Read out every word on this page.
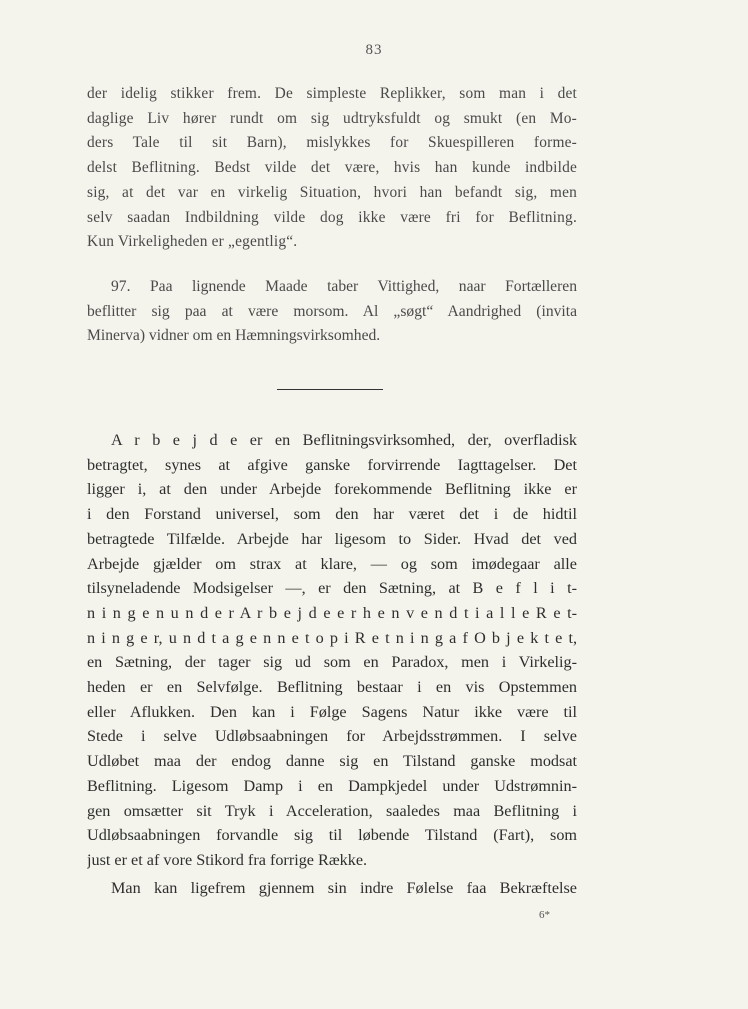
83
der idelig stikker frem. De simpleste Replikker, som man i det
daglige Liv hører rundt om sig udtryksfuldt og smukt (en Mo-
ders Tale til sit Barn), mislykkes for Skuespilleren forme-
delst Beflitning. Bedst vilde det være, hvis han kunde indbilde
sig, at det var en virkelig Situation, hvori han befandt sig, men
selv saadan Indbildning vilde dog ikke være fri for Beflitning.
Kun Virkeligheden er „egentlig“.
97. Paa lignende Maade taber Vittighed, naar Fortælleren
beflitter sig paa at være morsom. Al „søgt“ Aandrighed (invita
Minerva) vidner om en Hæmningsvirksomhed.
A r b e j d e er en Beflitningsvirksomhed, der, overfladisk
betragtet, synes at afgive ganske forvirrende Iagttagelser. Det
ligger i, at den under Arbejde forekommende Beflitning ikke er
i den Forstand universel, som den har været det i de hidtil
betragtede Tilfælde. Arbejde har ligesom to Sider. Hvad det ved
Arbejde gjælder om strax at klare, — og som imødegaar alle
tilsyneladende Modsigelser —, er den Sætning, at B e f l i t-
n i n g e n u n d e r A r b e j d e e r h e n v e n d t i a l l e R e t-
n i n g e r, u n d t a g e n n e t o p i R e t n i n g a f O b j e k t e t,
en Sætning, der tager sig ud som en Paradox, men i Virkelig-
heden er en Selvfølge. Beflitning bestaar i en vis Opstemmen
eller Aflukken. Den kan i Følge Sagens Natur ikke være til
Stede i selve Udløbsaabningen for Arbejdsstrømmen. I selve
Udløbet maa der endog danne sig en Tilstand ganske modsat
Beflitning. Ligesom Damp i en Dampkjedel under Udstrømnin-
gen omsætter sit Tryk i Acceleration, saaledes maa Beflitning i
Udløbsaabningen forvandle sig til løbende Tilstand (Fart), som
just er et af vore Stikord fra forrige Række.
Man kan ligefrem gjennem sin indre Følelse faa Bekræftelse
6*
